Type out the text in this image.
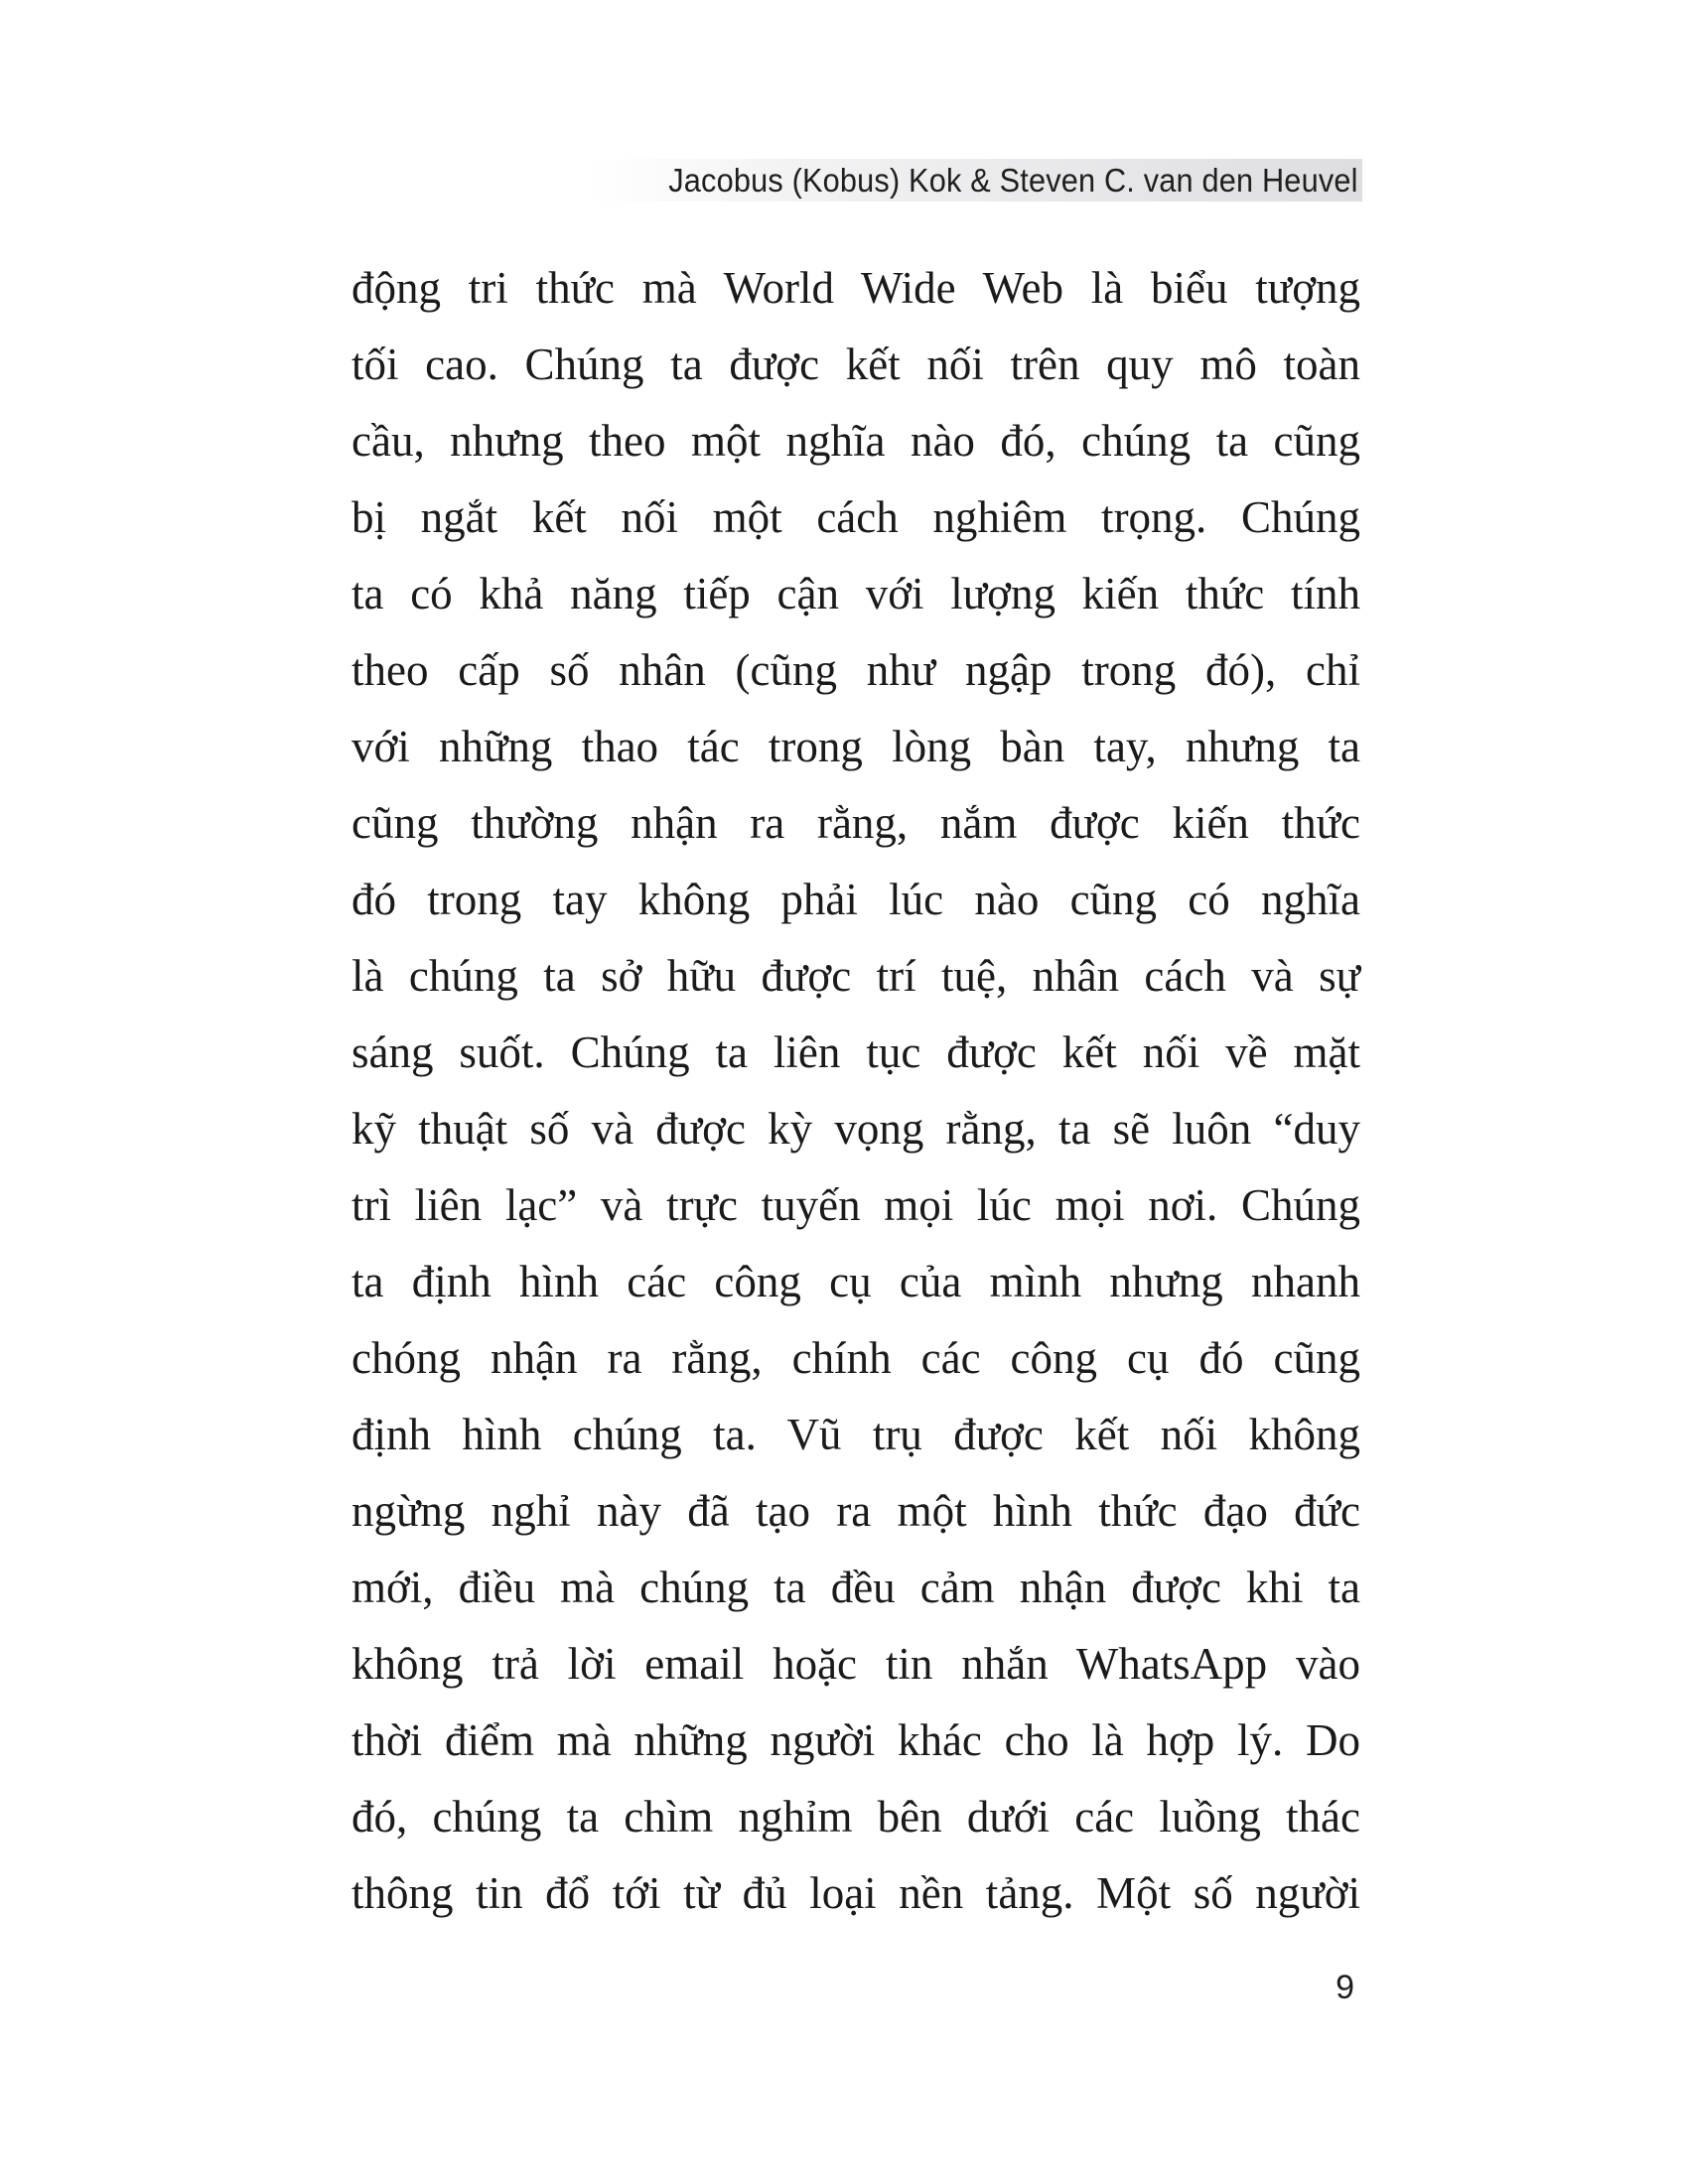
Jacobus (Kobus) Kok & Steven C. van den Heuvel
động tri thức mà World Wide Web là biểu tượng
tối cao. Chúng ta được kết nối trên quy mô toàn
cầu, nhưng theo một nghĩa nào đó, chúng ta cũng
bị ngắt kết nối một cách nghiêm trọng. Chúng
ta có khả năng tiếp cận với lượng kiến thức tính
theo cấp số nhân (cũng như ngập trong đó), chỉ
với những thao tác trong lòng bàn tay, nhưng ta
cũng thường nhận ra rằng, nắm được kiến thức
đó trong tay không phải lúc nào cũng có nghĩa
là chúng ta sở hữu được trí tuệ, nhân cách và sự
sáng suốt. Chúng ta liên tục được kết nối về mặt
kỹ thuật số và được kỳ vọng rằng, ta sẽ luôn “duy
trì liên lạc” và trực tuyến mọi lúc mọi nơi. Chúng
ta định hình các công cụ của mình nhưng nhanh
chóng nhận ra rằng, chính các công cụ đó cũng
định hình chúng ta. Vũ trụ được kết nối không
ngừng nghỉ này đã tạo ra một hình thức đạo đức
mới, điều mà chúng ta đều cảm nhận được khi ta
không trả lời email hoặc tin nhắn WhatsApp vào
thời điểm mà những người khác cho là hợp lý. Do
đó, chúng ta chìm nghỉm bên dưới các luồng thác
thông tin đổ tới từ đủ loại nền tảng. Một số người
9
